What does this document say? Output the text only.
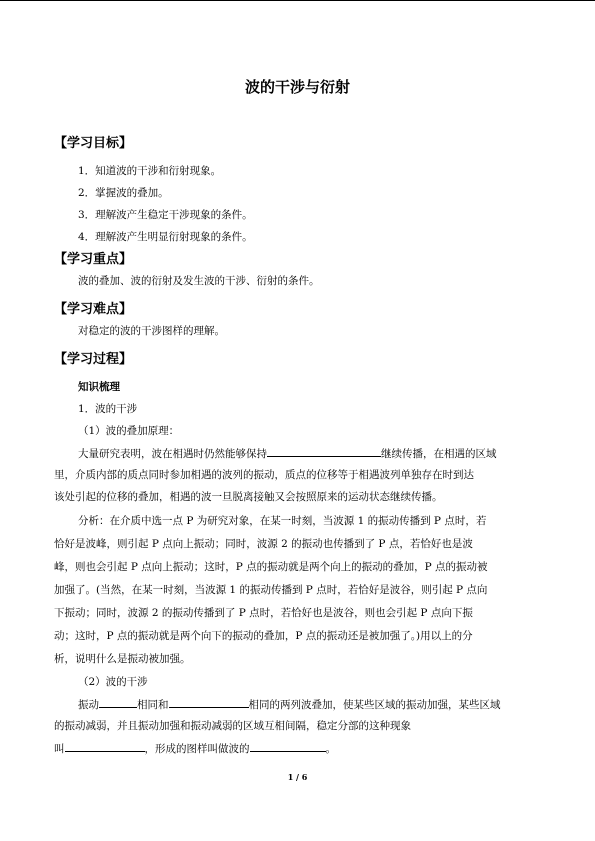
波的干涉与衍射
【学习目标】
1．知道波的干涉和衍射现象。
2．掌握波的叠加。
3．理解波产生稳定干涉现象的条件。
4．理解波产生明显衍射现象的条件。
【学习重点】
波的叠加、波的衍射及发生波的干涉、衍射的条件。
【学习难点】
对稳定的波的干涉图样的理解。
【学习过程】
知识梳理
1．波的干涉
（1）波的叠加原理：
大量研究表明，波在相遇时仍然能够保持	继续传播，在相遇的区域
里，介质内部的质点同时参加相遇的波列的振动，质点的位移等于相遇波列单独存在时到达
该处引起的位移的叠加，相遇的波一旦脱离接触又会按照原来的运动状态继续传播。
分析：在介质中选一点 P 为研究对象，在某一时刻，当波源 1 的振动传播到 P 点时，若
恰好是波峰，则引起 P 点向上振动；同时，波源 2 的振动也传播到了 P 点，若恰好也是波
峰，则也会引起 P 点向上振动；这时，P 点的振动就是两个向上的振动的叠加，P 点的振动被
加强了。(当然，在某一时刻，当波源 1 的振动传播到 P 点时，若恰好是波谷，则引起 P 点向
下振动；同时，波源 2 的振动传播到了 P 点时，若恰好也是波谷，则也会引起 P 点向下振
动；这时，P 点的振动就是两个向下的振动的叠加，P 点的振动还是被加强了。)用以上的分
析，说明什么是振动被加强。
（2）波的干涉
振动	相同和	相同的两列波叠加，使某些区域的振动加强，某些区域
的振动减弱，并且振动加强和振动减弱的区域互相间隔，稳定分部的这种现象
叫	，形成的图样叫做波的	。
1 / 6
